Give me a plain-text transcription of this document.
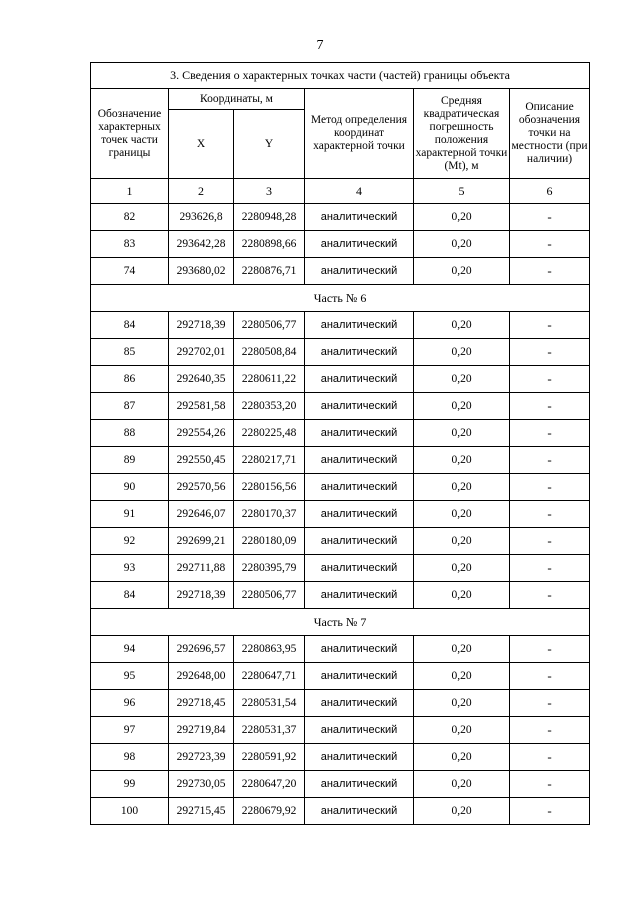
7
3. Сведения о характерных точках части (частей) границы объекта					
Обозначение характерных точек части границы	Координаты, м		Метод определения координат характерной точки	Средняя квадратическая погрешность положения характерной точки (Mt), м	Описание обозначения точки на местности (при наличии)
	X	Y			
1	2	3	4	5	6
82	293626,8	2280948,28	аналитический	0,20	-
83	293642,28	2280898,66	аналитический	0,20	-
74	293680,02	2280876,71	аналитический	0,20	-
Часть № 6					
84	292718,39	2280506,77	аналитический	0,20	-
85	292702,01	2280508,84	аналитический	0,20	-
86	292640,35	2280611,22	аналитический	0,20	-
87	292581,58	2280353,20	аналитический	0,20	-
88	292554,26	2280225,48	аналитический	0,20	-
89	292550,45	2280217,71	аналитический	0,20	-
90	292570,56	2280156,56	аналитический	0,20	-
91	292646,07	2280170,37	аналитический	0,20	-
92	292699,21	2280180,09	аналитический	0,20	-
93	292711,88	2280395,79	аналитический	0,20	-
84	292718,39	2280506,77	аналитический	0,20	-
Часть № 7					
94	292696,57	2280863,95	аналитический	0,20	-
95	292648,00	2280647,71	аналитический	0,20	-
96	292718,45	2280531,54	аналитический	0,20	-
97	292719,84	2280531,37	аналитический	0,20	-
98	292723,39	2280591,92	аналитический	0,20	-
99	292730,05	2280647,20	аналитический	0,20	-
100	292715,45	2280679,92	аналитический	0,20	-
